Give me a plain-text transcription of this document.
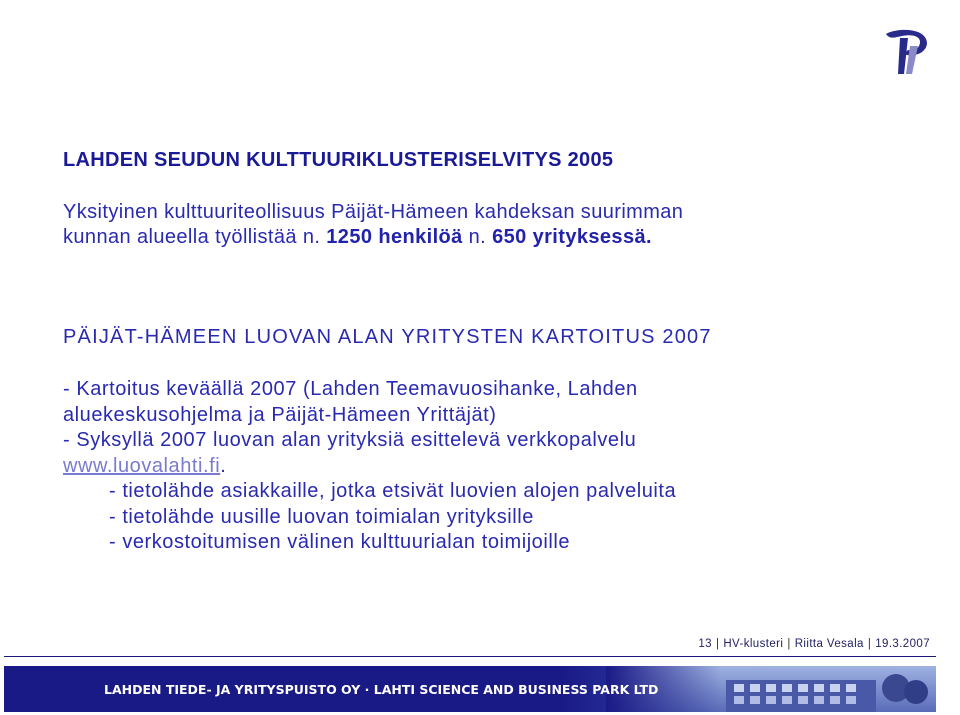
LAHDEN SEUDUN KULTTUURIKLUSTERISELVITYS 2005
Yksityinen kulttuuriteollisuus Päijät-Hämeen kahdeksan suurimman
kunnan alueella työllistää n. 1250 henkilöä n. 650 yrityksessä.
PÄIJÄT-HÄMEEN LUOVAN ALAN YRITYSTEN KARTOITUS 2007
- Kartoitus keväällä 2007 (Lahden Teemavuosihanke, Lahden
aluekeskusohjelma ja Päijät-Hämeen Yrittäjät)
- Syksyllä 2007 luovan alan yrityksiä esittelevä verkkopalvelu
www.luovalahti.fi.
- tietolähde asiakkaille, jotka etsivät luovien alojen palveluita
- tietolähde uusille luovan toimialan yrityksille
- verkostoitumisen välinen kulttuurialan toimijoille
13 | HV-klusteri | Riitta Vesala | 19.3.2007
LAHDEN TIEDE- JA YRITYSPUISTO OY · LAHTI SCIENCE AND BUSINESS PARK LTD
